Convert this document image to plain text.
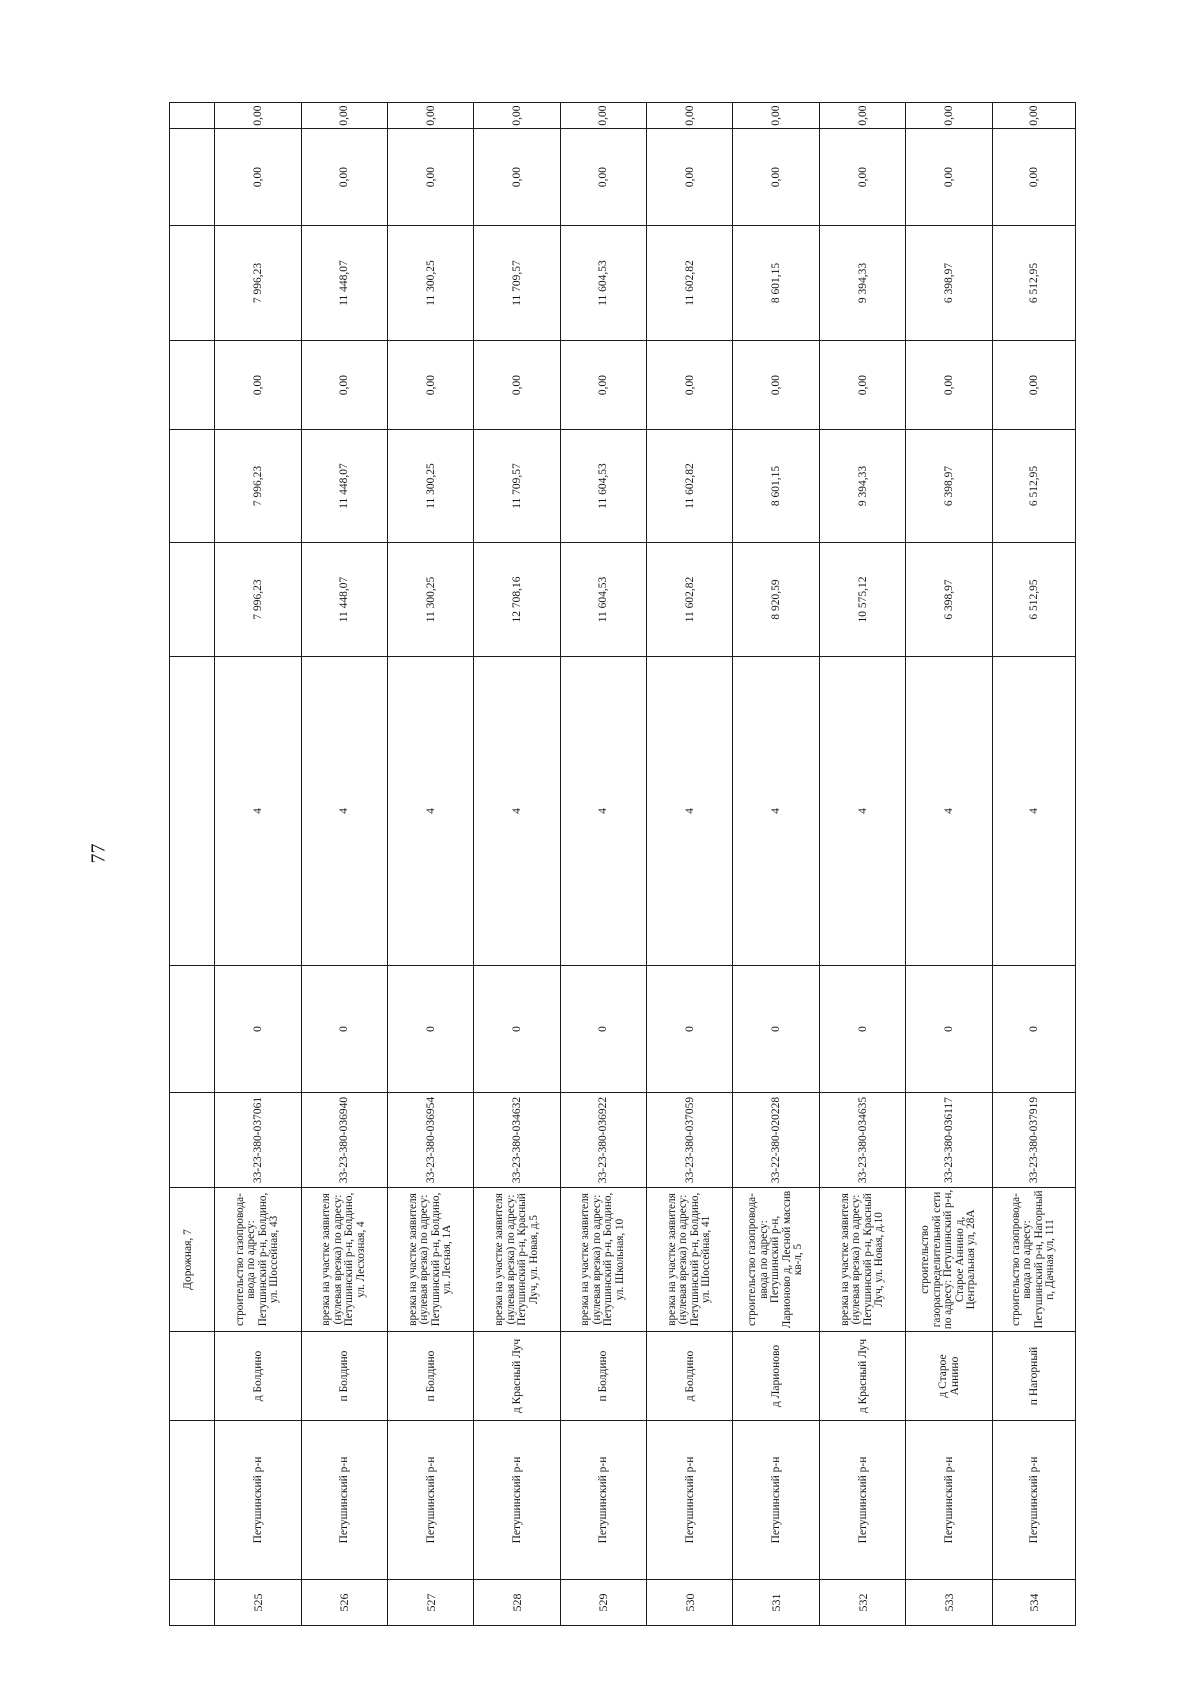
77
			Дорожная, 7									
525	Петушинский р-н	д Болдино	строительство газопровода-ввода по адресу: Петушинский р-н, Болдино, ул. Шоссейная, 43	33-23-380-037061	0	4	7 996,23	7 996,23	0,00	7 996,23	0,00	0,00
526	Петушинский р-н	п Болдино	врезка на участке заявителя (нулевая врезка) по адресу: Петушинский р-н, Болдино, ул. Лесхозная, 4	33-23-380-036940	0	4	11 448,07	11 448,07	0,00	11 448,07	0,00	0,00
527	Петушинский р-н	п Болдино	врезка на участке заявителя (нулевая врезка) по адресу: Петушинский р-н, Болдино, ул. Лесная, 1А	33-23-380-036954	0	4	11 300,25	11 300,25	0,00	11 300,25	0,00	0,00
528	Петушинский р-н	д Красный Луч	врезка на участке заявителя (нулевая врезка) по адресу: Петушинский р-н, Красный Луч, ул. Новая, д.5	33-23-380-034632	0	4	12 708,16	11 709,57	0,00	11 709,57	0,00	0,00
529	Петушинский р-н	п Болдино	врезка на участке заявителя (нулевая врезка) по адресу: Петушинский р-н, Болдино, ул. Школьная, 10	33-23-380-036922	0	4	11 604,53	11 604,53	0,00	11 604,53	0,00	0,00
530	Петушинский р-н	д Болдино	врезка на участке заявителя (нулевая врезка) по адресу: Петушинский р-н, Болдино, ул. Шоссейная, 41	33-23-380-037059	0	4	11 602,82	11 602,82	0,00	11 602,82	0,00	0,00
531	Петушинский р-н	д Ларионово	строительство газопровода-ввода по адресу: Петушинский р-н, Ларионово д, Лесной массив кв-л, 5	33-22-380-020228	0	4	8 920,59	8 601,15	0,00	8 601,15	0,00	0,00
532	Петушинский р-н	д Красный Луч	врезка на участке заявителя (нулевая врезка) по адресу: Петушинский р-н, Красный Луч, ул. Новая, д.10	33-23-380-034635	0	4	10 575,12	9 394,33	0,00	9 394,33	0,00	0,00
533	Петушинский р-н	д Старое Аннино	строительство газораспределительной сети по адресу: Петушинский р-н, Старое Аннино д, Центральная ул, 28А	33-23-380-036117	0	4	6 398,97	6 398,97	0,00	6 398,97	0,00	0,00
534	Петушинский р-н	п Нагорный	строительство газопровода-ввода по адресу: Петушинский р-н, Нагорный п, Дачная ул, 111	33-23-380-037919	0	4	6 512,95	6 512,95	0,00	6 512,95	0,00	0,00
